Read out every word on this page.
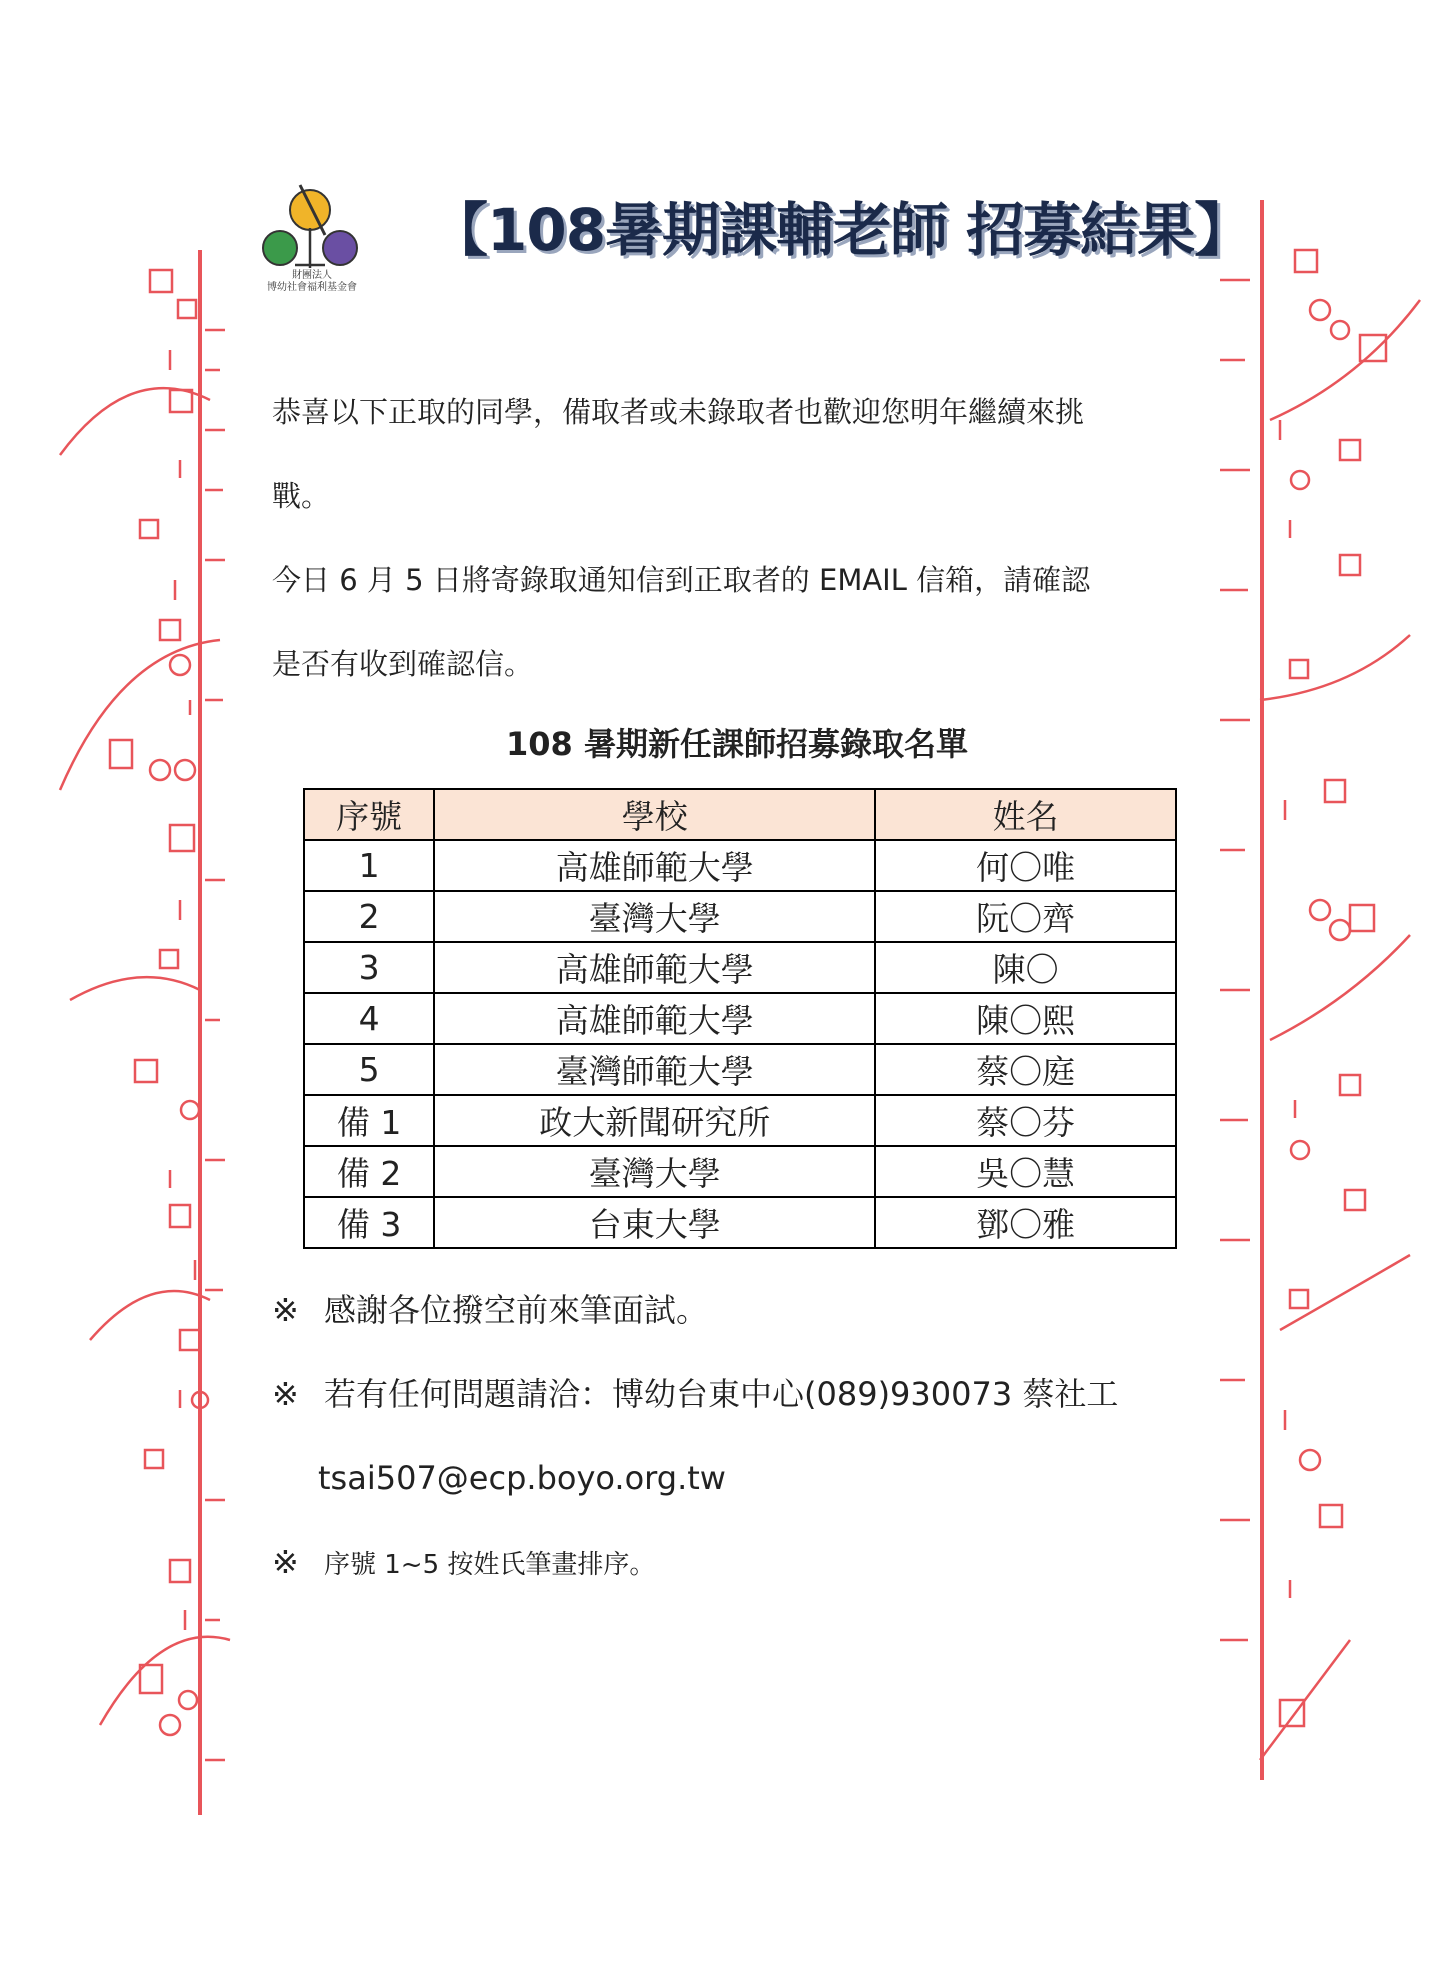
財團法人
博幼社會福利基金會
【108暑期課輔老師 招募結果】
恭喜以下正取的同學，備取者或未錄取者也歡迎您明年繼續來挑
戰。
今日 6 月 5 日將寄錄取通知信到正取者的 EMAIL 信箱，請確認
是否有收到確認信。
108 暑期新任課師招募錄取名單
序號	學校	姓名
1	高雄師範大學	何〇唯
2	臺灣大學	阮〇齊
3	高雄師範大學	陳〇
4	高雄師範大學	陳〇熙
5	臺灣師範大學	蔡〇庭
備 1	政大新聞研究所	蔡〇芬
備 2	臺灣大學	吳〇慧
備 3	台東大學	鄧〇雅
※ 感謝各位撥空前來筆面試。
※ 若有任何問題請洽：博幼台東中心(089)930073 蔡社工
tsai507@ecp.boyo.org.tw
※ 序號 1~5 按姓氏筆畫排序。
